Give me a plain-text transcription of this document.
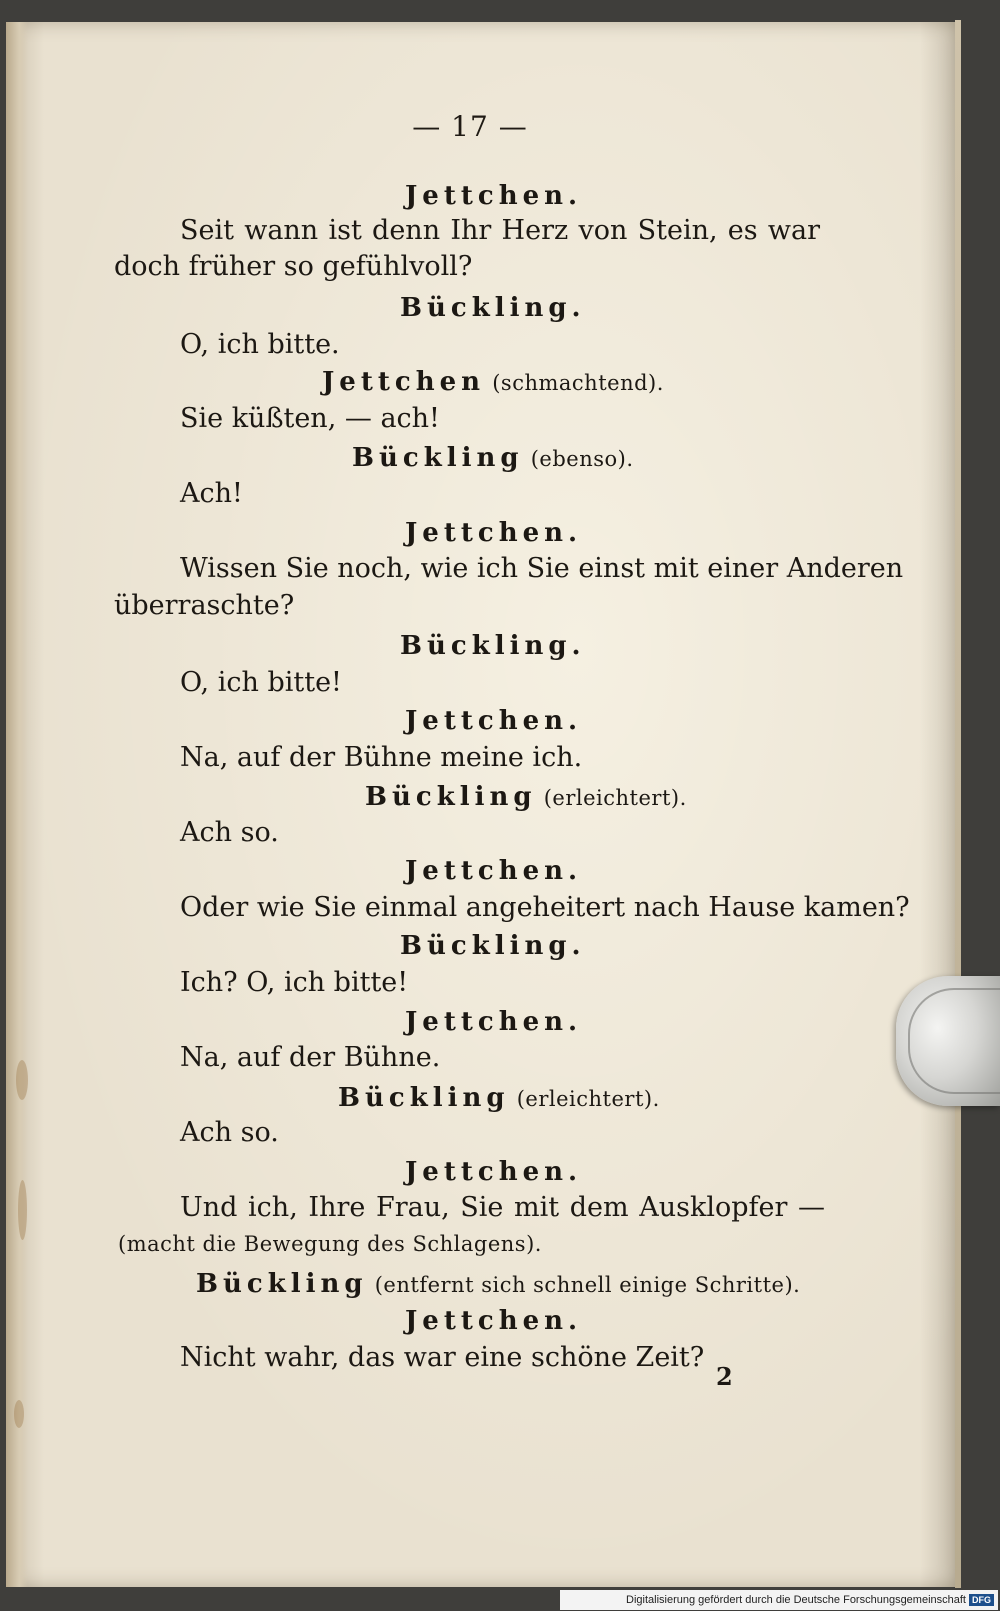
— 17 —
Jettchen.
Seit wann ist denn Ihr Herz von Stein, es war
doch früher so gefühlvoll?
Bückling.
O, ich bitte.
Jettchen (schmachtend).
Sie küßten, — ach!
Bückling (ebenso).
Ach!
Jettchen.
Wissen Sie noch, wie ich Sie einst mit einer Anderen
überraschte?
Bückling.
O, ich bitte!
Jettchen.
Na, auf der Bühne meine ich.
Bückling (erleichtert).
Ach so.
Jettchen.
Oder wie Sie einmal angeheitert nach Hause kamen?
Bückling.
Ich? O, ich bitte!
Jettchen.
Na, auf der Bühne.
Bückling (erleichtert).
Ach so.
Jettchen.
Und ich, Ihre Frau, Sie mit dem Ausklopfer —
(macht die Bewegung des Schlagens).
Bückling (entfernt sich schnell einige Schritte).
Jettchen.
Nicht wahr, das war eine schöne Zeit?
2
Digitalisierung gefördert durch die Deutsche Forschungsgemeinschaft DFG
